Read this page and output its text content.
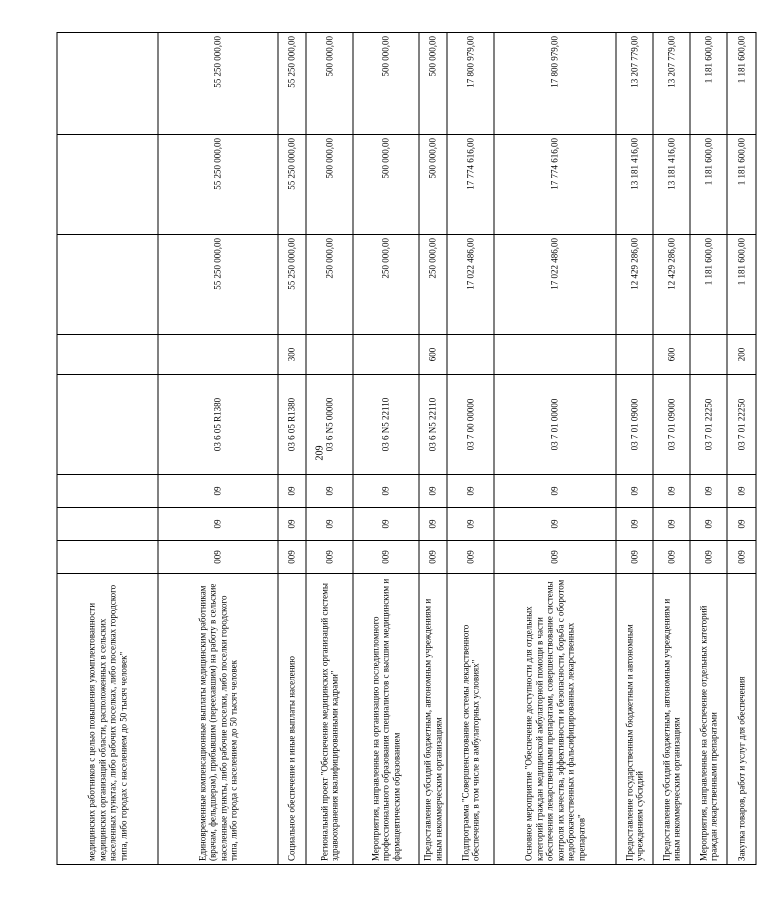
209
медицинских работников с целью повышения укомплектованности медицинских организаций области, расположенных в сельских населенных пунктах, либо рабочих поселках, либо поселках городского типа, либо городах с населением до 50 тысяч человек"								
Единовременные компенсационные выплаты медицинским работникам (врачам, фельдшерам), прибывшим (переехавшим) на работу в сельские населенные пункты, либо рабочие поселки, либо поселки городского типа, либо города с населением до 50 тысяч человек	009	09	09	03 6 05 R1380		55 250 000,00	55 250 000,00	55 250 000,00
Социальное обеспечение и иные выплаты населению	009	09	09	03 6 05 R1380	300	55 250 000,00	55 250 000,00	55 250 000,00
Региональный проект "Обеспечение медицинских организаций системы здравоохранения квалифицированными кадрами"	009	09	09	03 6 N5 00000		250 000,00	500 000,00	500 000,00
Мероприятия, направленные на организацию последипломного профессионального образования специалистов с высшим медицинским и фармацевтическим образованием	009	09	09	03 6 N5 22110		250 000,00	500 000,00	500 000,00
Предоставление субсидий бюджетным, автономным учреждениям и иным некоммерческим организациям	009	09	09	03 6 N5 22110	600	250 000,00	500 000,00	500 000,00
Подпрограмма "Совершенствование системы лекарственного обеспечения, в том числе в амбулаторных условиях"	009	09	09	03 7 00 00000		17 022 486,00	17 774 616,00	17 800 979,00
Основное мероприятие "Обеспечение доступности для отдельных категорий граждан медицинской амбулаторной помощи в части обеспечения лекарственными препаратами, совершенствование системы контроля их качества, эффективности и безопасности, борьба с оборотом недоброкачественных и фальсифицированных лекарственных препаратов"	009	09	09	03 7 01 00000		17 022 486,00	17 774 616,00	17 800 979,00
Предоставление государственным бюджетным и автономным учреждениям субсидий	009	09	09	03 7 01 09000		12 429 286,00	13 181 416,00	13 207 779,00
Предоставление субсидий бюджетным, автономным учреждениям и иным некоммерческим организациям	009	09	09	03 7 01 09000	600	12 429 286,00	13 181 416,00	13 207 779,00
Мероприятия, направленные на обеспечение отдельных категорий граждан лекарственными препаратами	009	09	09	03 7 01 22250		1 181 600,00	1 181 600,00	1 181 600,00
Закупка товаров, работ и услуг для обеспечения	009	09	09	03 7 01 22250	200	1 181 600,00	1 181 600,00	1 181 600,00
